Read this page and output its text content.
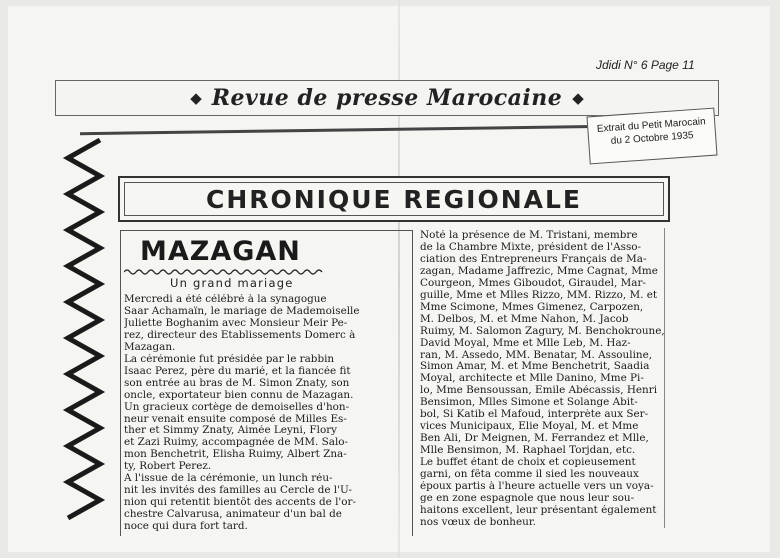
Jdidi N° 6 Page 11
◆ Revue de presse Marocaine ◆
Extrait du Petit Marocain
du 2 Octobre 1935
CHRONIQUE REGIONALE
MAZAGAN
Un grand mariage
Mercredi a été célébré à la synagogue
Saar Achamaïn, le mariage de Mademoiselle
Juliette Boghanim avec Monsieur Meir Pe-
rez, directeur des Etablissements Domerc à
Mazagan.
La cérémonie fut présidée par le rabbin
Isaac Perez, père du marié, et la fiancée fit
son entrée au bras de M. Simon Znaty, son
oncle, exportateur bien connu de Mazagan.
Un gracieux cortège de demoiselles d'hon-
neur venait ensuite composé de Milles Es-
ther et Simmy Znaty, Aimée Leyni, Flory
et Zazi Ruimy, accompagnée de MM. Salo-
mon Benchetrit, Elisha Ruimy, Albert Zna-
ty, Robert Perez.
A l'issue de la cérémonie, un lunch réu-
nit les invités des familles au Cercle de l'U-
nion qui retentit bientôt des accents de l'or-
chestre Calvarusa, animateur d'un bal de
noce qui dura fort tard.
Noté la présence de M. Tristani, membre
de la Chambre Mixte, président de l'Asso-
ciation des Entrepreneurs Français de Ma-
zagan, Madame Jaffrezic, Mme Cagnat, Mme
Courgeon, Mmes Giboudot, Giraudel, Mar-
guille, Mme et Mlles Rizzo, MM. Rizzo, M. et
Mme Scimone, Mmes Gimenez, Carpozen,
M. Delbos, M. et Mme Nahon, M. Jacob
Ruimy, M. Salomon Zagury, M. Benchokroune,
David Moyal, Mme et Mlle Leb, M. Haz-
ran, M. Assedo, MM. Benatar, M. Assouline,
Simon Amar, M. et Mme Benchetrit, Saadia
Moyal, architecte et Mlle Danino, Mme Pi-
lo, Mme Bensoussan, Emile Abécassis, Henri
Bensimon, Mlles Simone et Solange Abit-
bol, Si Katib el Mafoud, interprète aux Ser-
vices Municipaux, Elie Moyal, M. et Mme
Ben Ali, Dr Meignen, M. Ferrandez et Mlle,
Mlle Bensimon, M. Raphael Torjdan, etc.
Le buffet étant de choix et copieusement
garni, on fêta comme il sied les nouveaux
époux partis à l'heure actuelle vers un voya-
ge en zone espagnole que nous leur sou-
haitons excellent, leur présentant également
nos vœux de bonheur.
